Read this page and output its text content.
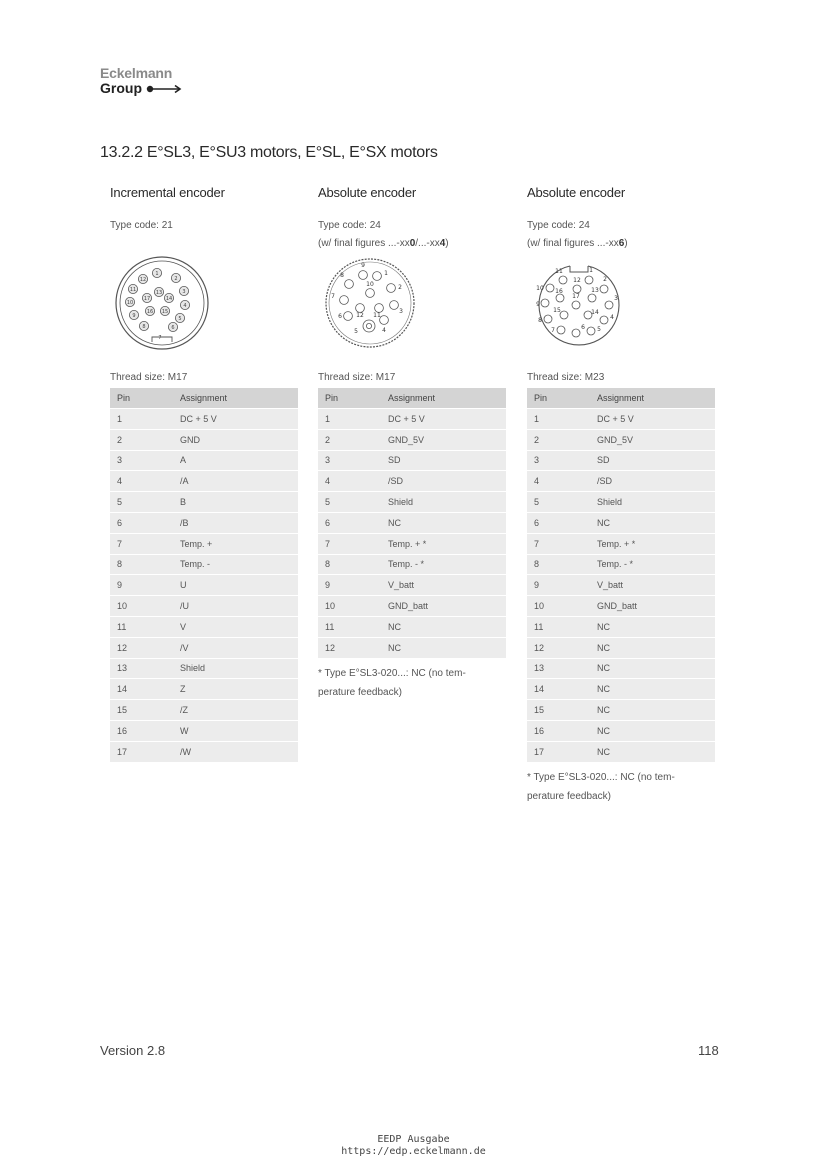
Eckelmann
Group
13.2.2 E°SL3, E°SU3 motors, E°SL, E°SX motors
Incremental encoder
Type code: 21
1
2
3
4
5
6
7
8
9
10
11
12
13
14
15
16
17
Thread size: M17
Pin	Assignment
1	DC + 5 V
2	GND
3	A
4	/A
5	B
6	/B
7	Temp. +
8	Temp. -
9	U
10	/U
11	V
12	/V
13	Shield
14	Z
15	/Z
16	W
17	/W
Absolute encoder
Type code: 24
(w/ final figures ...-xx0/...-xx4)
1
2
3
4
5
6
7
8
9
10
11
12
Thread size: M17
Pin	Assignment
1	DC + 5 V
2	GND_5V
3	SD
4	/SD
5	Shield
6	NC
7	Temp. + *
8	Temp. - *
9	V_batt
10	GND_batt
11	NC
12	NC
* Type E°SL3-020...: NC (no tem-
perature feedback)
Absolute encoder
Type code: 24
(w/ final figures ...-xx6)
1
2
3
4
5
6
7
8
9
10
11
12
13
14
15
16
17
Thread size: M23
Pin	Assignment
1	DC + 5 V
2	GND_5V
3	SD
4	/SD
5	Shield
6	NC
7	Temp. + *
8	Temp. - *
9	V_batt
10	GND_batt
11	NC
12	NC
13	NC
14	NC
15	NC
16	NC
17	NC
* Type E°SL3-020...: NC (no tem-
perature feedback)
Version 2.8	118
EEDP Ausgabe
https://edp.eckelmann.de
